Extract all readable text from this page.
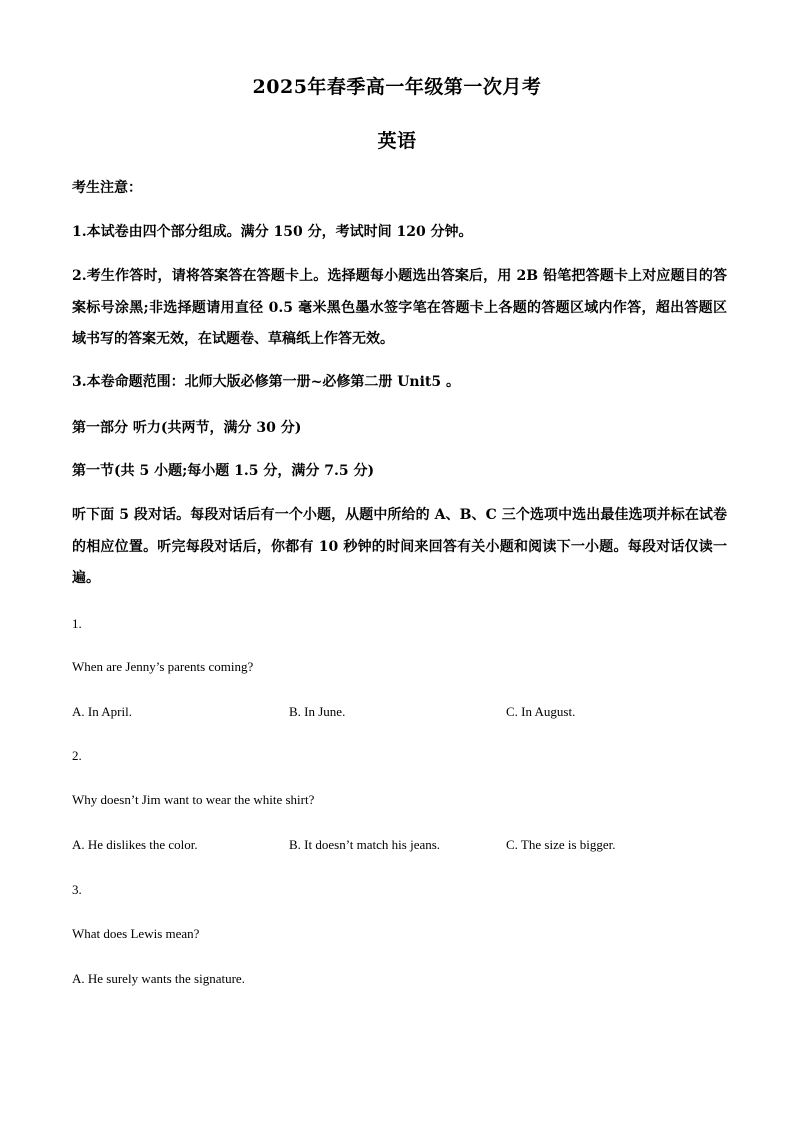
2025年春季高一年级第一次月考
英语
考生注意：
1.本试卷由四个部分组成。满分 150 分，考试时间 120 分钟。
2.考生作答时，请将答案答在答题卡上。选择题每小题选出答案后，用 2B 铅笔把答题卡上对应题目的答案标号涂黑;非选择题请用直径 0.5 毫米黑色墨水签字笔在答题卡上各题的答题区域内作答，超出答题区域书写的答案无效，在试题卷、草稿纸上作答无效。
3.本卷命题范围：北师大版必修第一册~必修第二册 Unit5 。
第一部分 听力(共两节，满分 30 分)
第一节(共 5 小题;每小题 1.5 分，满分 7.5 分)
听下面 5 段对话。每段对话后有一个小题，从题中所给的 A、B、C 三个选项中选出最佳选项并标在试卷的相应位置。听完每段对话后，你都有 10 秒钟的时间来回答有关小题和阅读下一小题。每段对话仅读一遍。
1.
When are Jenny’s parents coming?
A. In April.	B. In June.	C. In August.
2.
Why doesn’t Jim want to wear the white shirt?
A. He dislikes the color.	B. It doesn’t match his jeans.	C. The size is bigger.
3.
What does Lewis mean?
A. He surely wants the signature.
